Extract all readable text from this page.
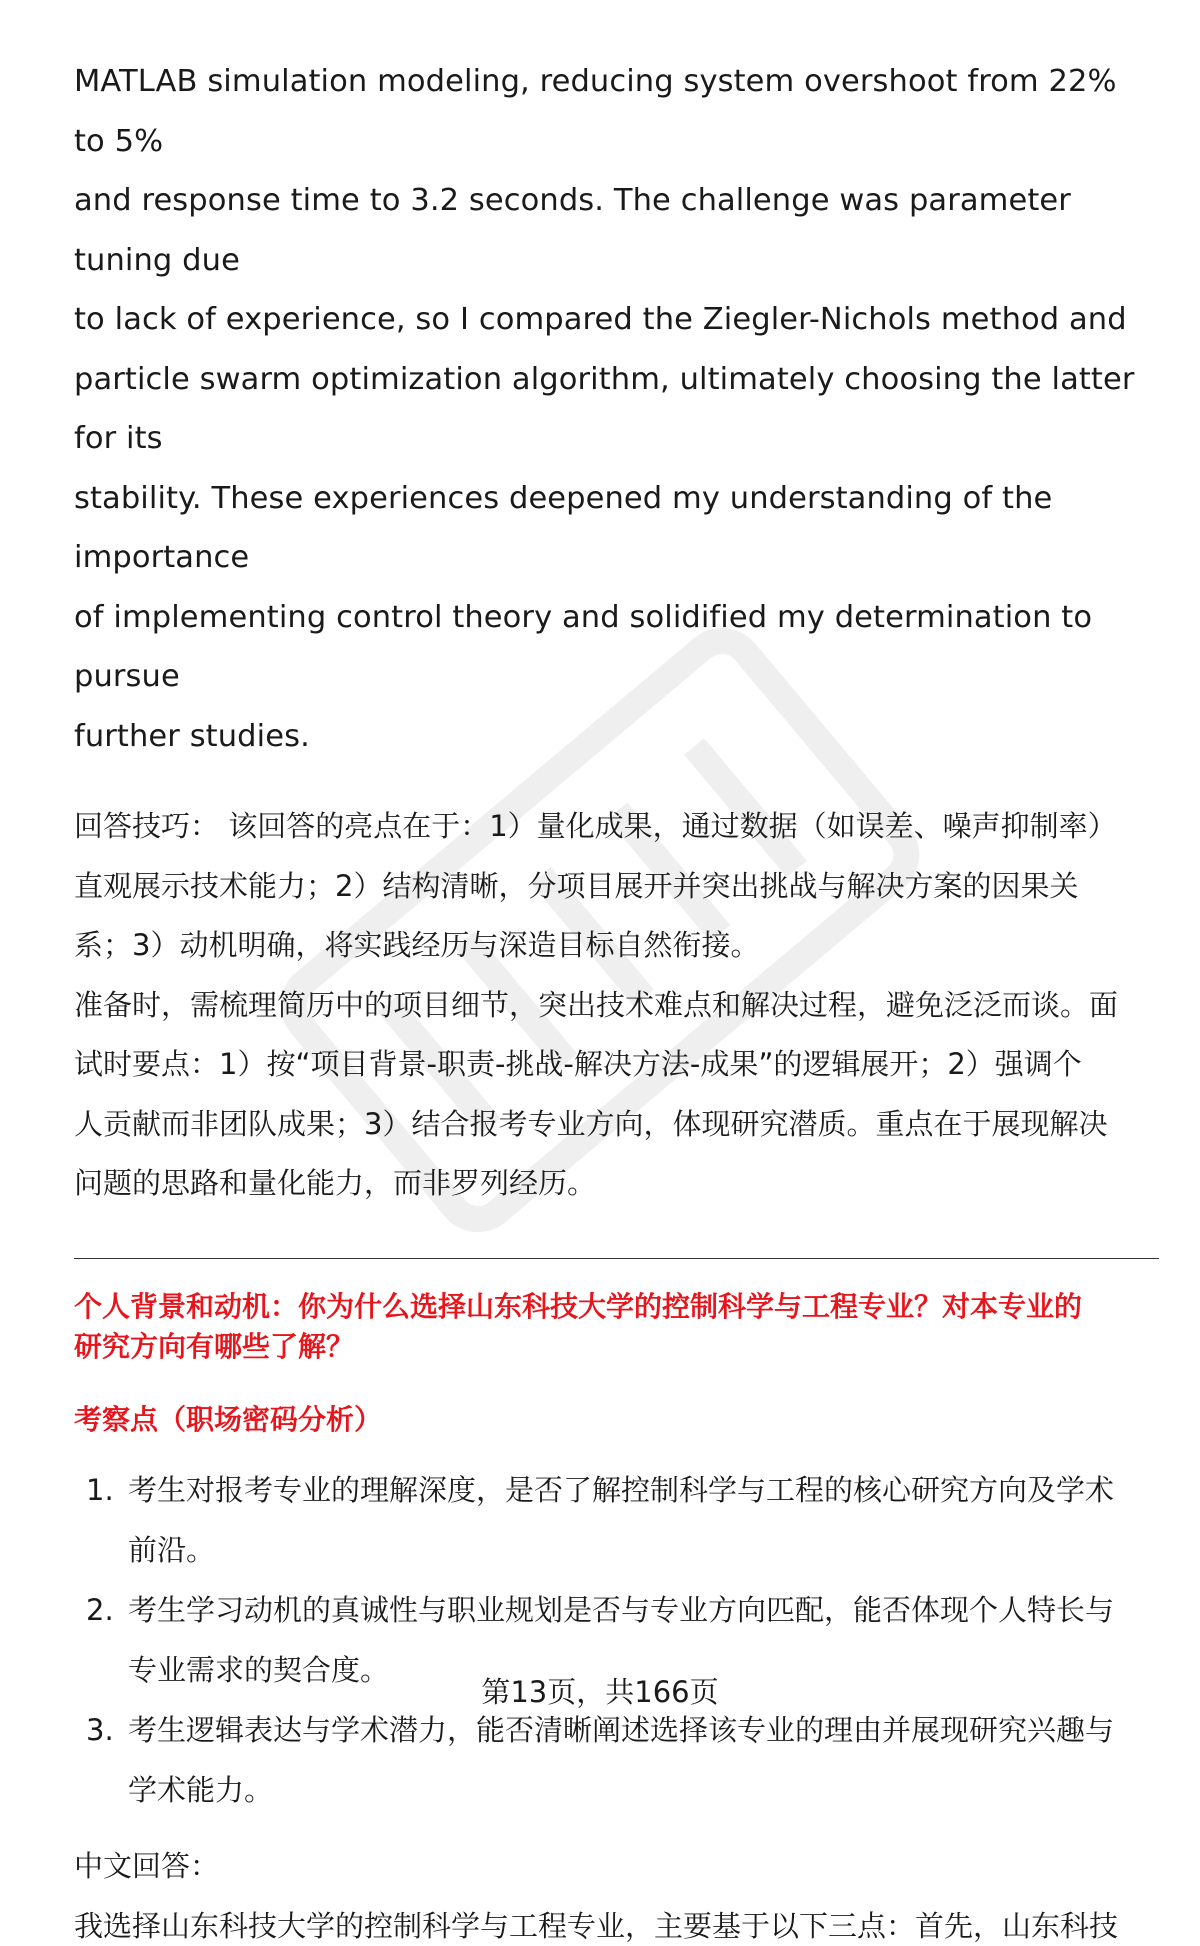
MATLAB simulation modeling, reducing system overshoot from 22% to 5%

and response time to 3.2 seconds. The challenge was parameter tuning due

to lack of experience, so I compared the Ziegler-Nichols method and

particle swarm optimization algorithm, ultimately choosing the latter for its

stability. These experiences deepened my understanding of the importance

of implementing control theory and solidified my determination to pursue

further studies.

回答技巧： 该回答的亮点在于：1）量化成果，通过数据（如误差、噪声抑制率）

直观展示技术能力；2）结构清晰，分项目展开并突出挑战与解决方案的因果关

系；3）动机明确，将实践经历与深造目标自然衔接。

准备时，需梳理简历中的项目细节，突出技术难点和解决过程，避免泛泛而谈。面

试时要点：1）按“项目背景-职责-挑战-解决方法-成果”的逻辑展开；2）强调个

人贡献而非团队成果；3）结合报考专业方向，体现研究潜质。重点在于展现解决

问题的思路和量化能力，而非罗列经历。

个人背景和动机：你为什么选择山东科技大学的控制科学与工程专业？对本专业的
研究方向有哪些了解？
考察点（职场密码分析）
1. 考生对报考专业的理解深度，是否了解控制科学与工程的核心研究方向及学术
前沿。
2. 考生学习动机的真诚性与职业规划是否与专业方向匹配，能否体现个人特长与
专业需求的契合度。
3. 考生逻辑表达与学术潜力，能否清晰阐述选择该专业的理由并展现研究兴趣与
学术能力。
中文回答：
我选择山东科技大学的控制科学与工程专业，主要基于以下三点：首先，山东科技
第13页，共166页
